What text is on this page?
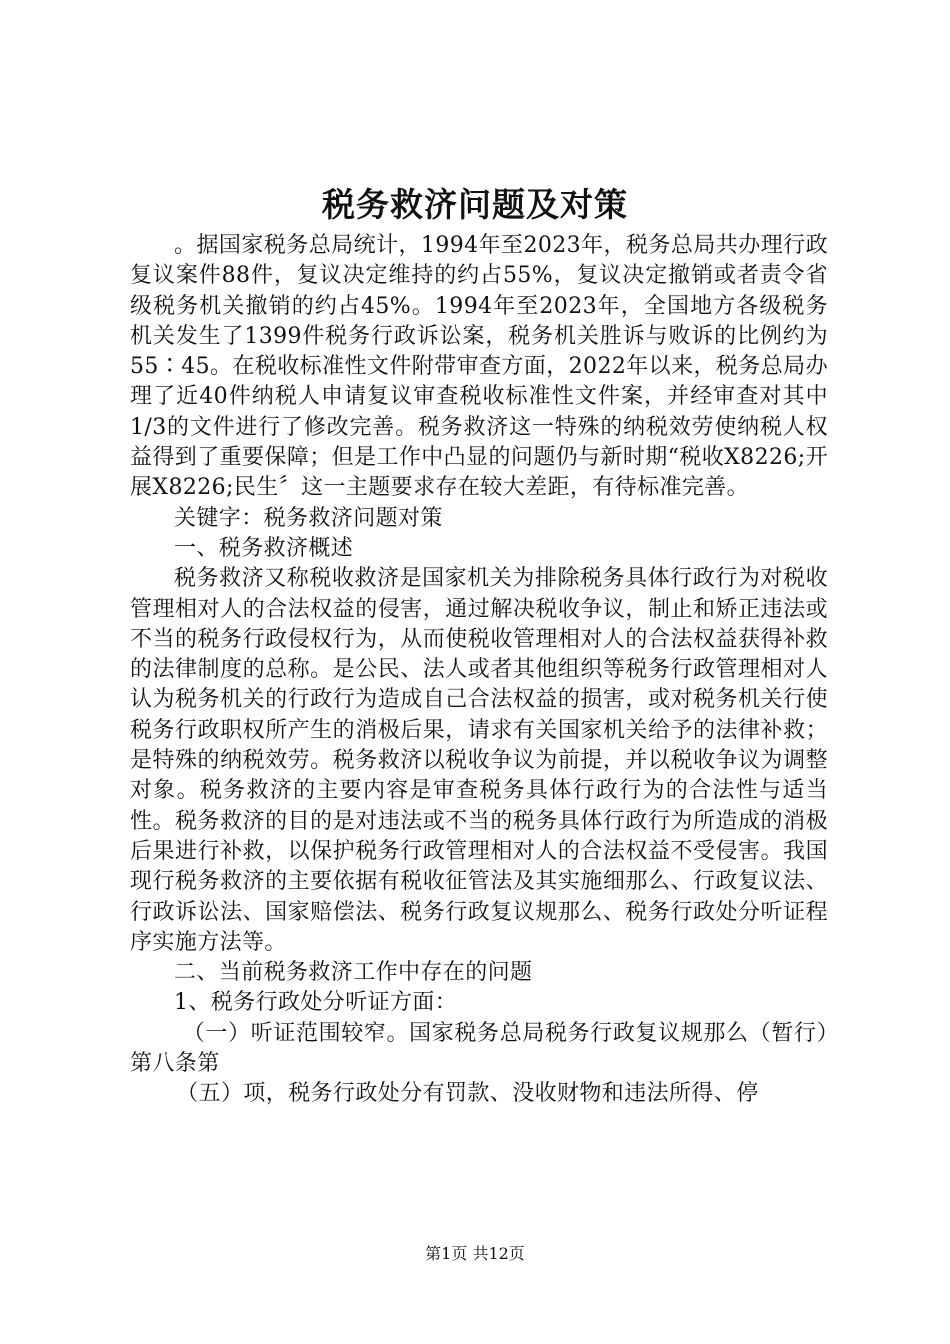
税务救济问题及对策

。据国家税务总局统计，1994年至2023年，税务总局共办理行政复议案件88件，复议决定维持的约占55%，复议决定撤销或者责令省级税务机关撤销的约占45%。1994年至2023年，全国地方各级税务机关发生了1399件税务行政诉讼案，税务机关胜诉与败诉的比例约为55∶45。在税收标准性文件附带审查方面，2022年以来，税务总局办理了近40件纳税人申请复议审查税收标准性文件案，并经审查对其中1/3的文件进行了修改完善。税务救济这一特殊的纳税效劳使纳税人权益得到了重要保障；但是工作中凸显的问题仍与新时期“税收X8226;开展X8226;民生〞这一主题要求存在较大差距，有待标准完善。

关键字：税务救济问题对策

一、税务救济概述

税务救济又称税收救济是国家机关为排除税务具体行政行为对税收管理相对人的合法权益的侵害，通过解决税收争议，制止和矫正违法或不当的税务行政侵权行为，从而使税收管理相对人的合法权益获得补救的法律制度的总称。是公民、法人或者其他组织等税务行政管理相对人认为税务机关的行政行为造成自己合法权益的损害，或对税务机关行使税务行政职权所产生的消极后果，请求有关国家机关给予的法律补救；是特殊的纳税效劳。税务救济以税收争议为前提，并以税收争议为调整对象。税务救济的主要内容是审查税务具体行政行为的合法性与适当性。税务救济的目的是对违法或不当的税务具体行政行为所造成的消极后果进行补救，以保护税务行政管理相对人的合法权益不受侵害。我国现行税务救济的主要依据有税收征管法及其实施细那么、行政复议法、行政诉讼法、国家赔偿法、税务行政复议规那么、税务行政处分听证程序实施方法等。

二、当前税务救济工作中存在的问题

1、税务行政处分听证方面：

（一）听证范围较窄。国家税务总局税务行政复议规那么（暂行）第八条第

（五）项，税务行政处分有罚款、没收财物和违法所得、停

第1页 共12页
